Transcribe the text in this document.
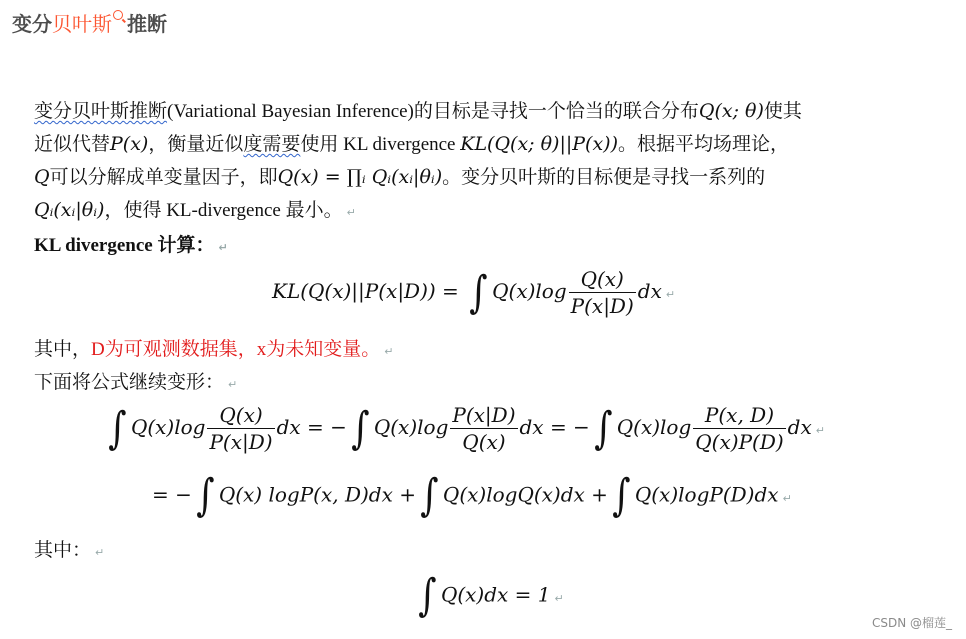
变分贝叶斯 推断
变分贝叶斯推断(Variational Bayesian Inference)的目标是寻找一个恰当的联合分布Q(x; θ)使其
近似代替P(x)，衡量近似度需要使用 KL divergence KL(Q(x; θ)||P(x))。根据平均场理论，
Q可以分解成单变量因子，即Q(x) = ∏ᵢ Qᵢ(xᵢ|θᵢ)。变分贝叶斯的目标便是寻找一系列的
Qᵢ(xᵢ|θᵢ)，使得 KL-divergence 最小。 ↵
KL divergence 计算： ↵
KL(Q(x)||P(x|D)) = ∫ $Q(x)\log \frac{Q(x)}{P(x|D)}$ dx ↵
其中，D为可观测数据集，x为未知变量。 ↵
下面将公式继续变形： ↵
∫ $Q(x)\log \frac{Q(x)}{P(x|D)}$ dx = −∫ $Q(x)\log \frac{P(x|D)}{Q(x)}$ dx = −∫ $Q(x)\log \frac{P(x, D)}{Q(x)P(D)}$ dx ↵
= −∫ Q(x) logP(x, D)dx +∫ Q(x)logQ(x)dx +∫ Q(x)logP(D)dx ↵
其中： ↵
∫ Q(x)dx = 1 ↵
CSDN @榴莲_
